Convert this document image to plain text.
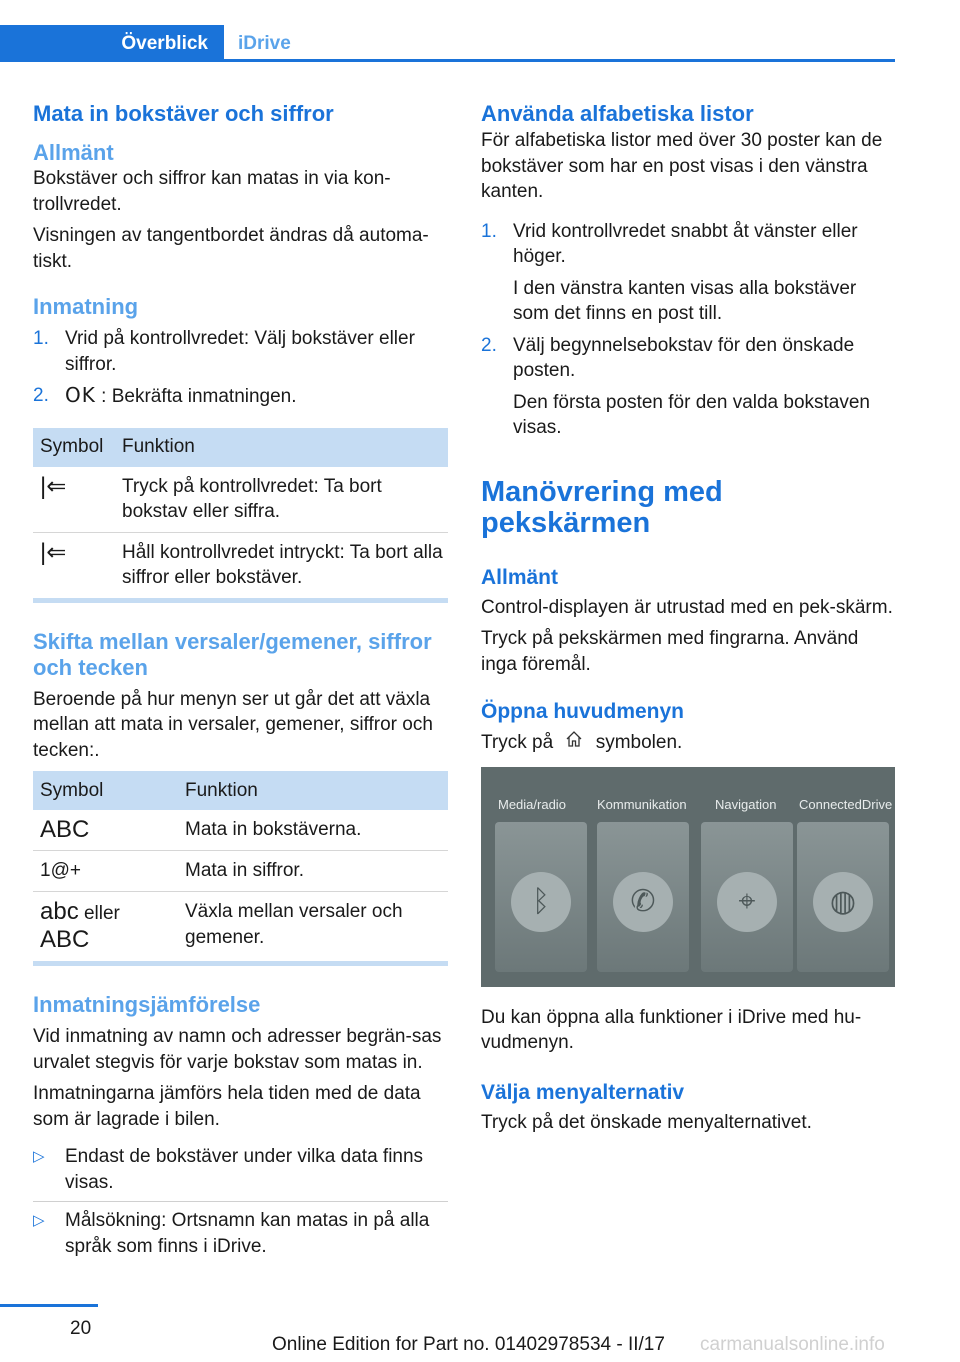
Överblick	iDrive
Mata in bokstäver och siffror
Allmänt

Bokstäver och siffror kan matas in via kon‐trollvredet.

Visningen av tangentbordet ändras då automa‐tiskt.

Inmatning
1. Vrid på kontrollvredet: Välj bokstäver eller siffror.
2. OK : Bekräfta inmatningen.
Symbol	Funktion
|⇐	Tryck på kontrollvredet: Ta bort bokstav eller siffra.
|⇐	Håll kontrollvredet intryckt: Ta bort alla siffror eller bokstäver.
Skifta mellan versaler/gemener, siffror och tecken

Beroende på hur menyn ser ut går det att växla mellan att mata in versaler, gemener, siffror och tecken:.

Symbol	Funktion
ABC	Mata in bokstäverna.
1@+	Mata in siffror.
abc eller
ABC	Växla mellan versaler och gemener.
Inmatningsjämförelse

Vid inmatning av namn och adresser begrän‐sas urvalet stegvis för varje bokstav som matas in.

Inmatningarna jämförs hela tiden med de data som är lagrade i bilen.

▷	Endast de bokstäver under vilka data finns visas.
▷	Målsökning: Ortsnamn kan matas in på alla språk som finns i iDrive.
Använda alfabetiska listor

För alfabetiska listor med över 30 poster kan de bokstäver som har en post visas i den vänstra kanten.

1. Vrid kontrollvredet snabbt åt vänster eller höger.

I den vänstra kanten visas alla bokstäver som det finns en post till.

2. Välj begynnelsebokstav för den önskade posten.

Den första posten för den valda bokstaven visas.

Manövrering med pekskärmen
Allmänt

Control-displayen är utrustad med en pek‐skärm.

Tryck på pekskärmen med fingrarna. Använd inga föremål.

Öppna huvudmenyn

Tryck på symbolen.

Media/radio Kommunikation Navigation ConnectedDrive
ᛒ	✆	⌖	◍

Du kan öppna alla funktioner i iDrive med hu‐vudmenyn.

Välja menyalternativ

Tryck på det önskade menyalternativet.

20
Online Edition for Part no. 01402978534 - II/17 carmanualsonline.info
